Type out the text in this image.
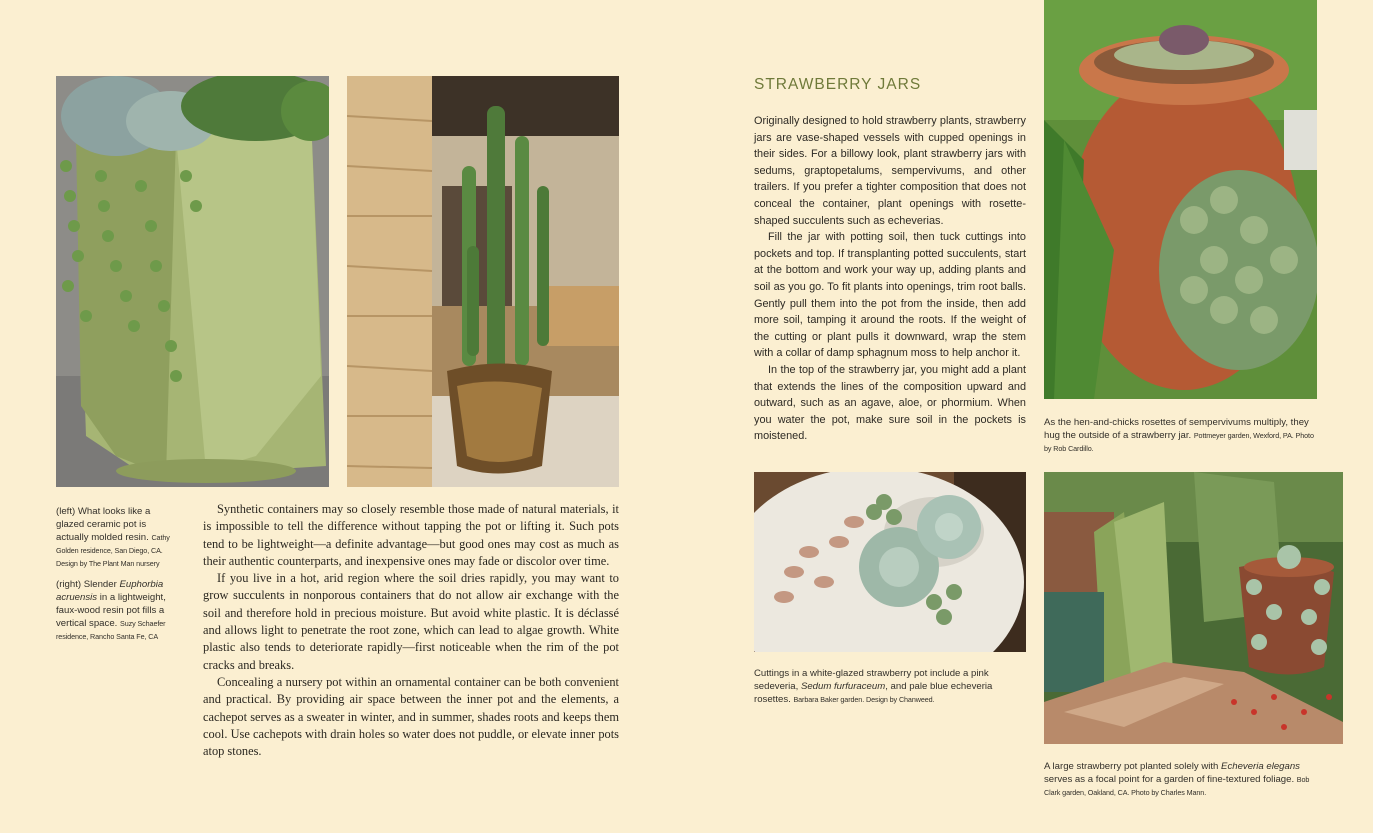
(left) What looks like a glazed ceramic pot is actually molded resin. Cathy Golden residence, San Diego, CA. Design by The Plant Man nursery

(right) Slender Euphorbia acruensis in a lightweight, faux-wood resin pot fills a vertical space. Suzy Schaefer residence, Rancho Santa Fe, CA

Synthetic containers may so closely resemble those made of natural materials, it is impossible to tell the difference without tapping the pot or lifting it. Such pots tend to be lightweight—a definite advantage—but good ones may cost as much as their authentic counterparts, and inexpensive ones may fade or discolor over time.

If you live in a hot, arid region where the soil dries rapidly, you may want to grow succulents in nonporous containers that do not allow air exchange with the soil and therefore hold in precious moisture. But avoid white plastic. It is déclassé and allows light to penetrate the root zone, which can lead to algae growth. White plastic also tends to deteriorate rapidly—first noticeable when the rim of the pot cracks and breaks.

Concealing a nursery pot within an ornamental container can be both convenient and practical. By providing air space between the inner pot and the elements, a cachepot serves as a sweater in winter, and in summer, shades roots and keeps them cool. Use cachepots with drain holes so water does not puddle, or elevate inner pots atop stones.

STRAWBERRY JARS

Originally designed to hold strawberry plants, strawberry jars are vase-shaped vessels with cupped openings in their sides. For a billowy look, plant strawberry jars with sedums, graptopetalums, sempervivums, and other trailers. If you prefer a tighter composition that does not conceal the container, plant openings with rosette-shaped succulents such as echeverias.

Fill the jar with potting soil, then tuck cuttings into pockets and top. If transplanting potted succulents, start at the bottom and work your way up, adding plants and soil as you go. To fit plants into openings, trim root balls. Gently pull them into the pot from the inside, then add more soil, tamping it around the roots. If the weight of the cutting or plant pulls it downward, wrap the stem with a collar of damp sphagnum moss to help anchor it.

In the top of the strawberry jar, you might add a plant that extends the lines of the composition upward and outward, such as an agave, aloe, or phormium. When you water the pot, make sure soil in the pockets is moistened.

As the hen-and-chicks rosettes of sempervivums multiply, they hug the outside of a strawberry jar. Pottmeyer garden, Wexford, PA. Photo by Rob Cardillo.
Cuttings in a white-glazed strawberry pot include a pink sedeveria, Sedum furfuraceum, and pale blue echeveria rosettes. Barbara Baker garden. Design by Chanweed.
A large strawberry pot planted solely with Echeveria elegans serves as a focal point for a garden of fine-textured foliage. Bob Clark garden, Oakland, CA. Photo by Charles Mann.
